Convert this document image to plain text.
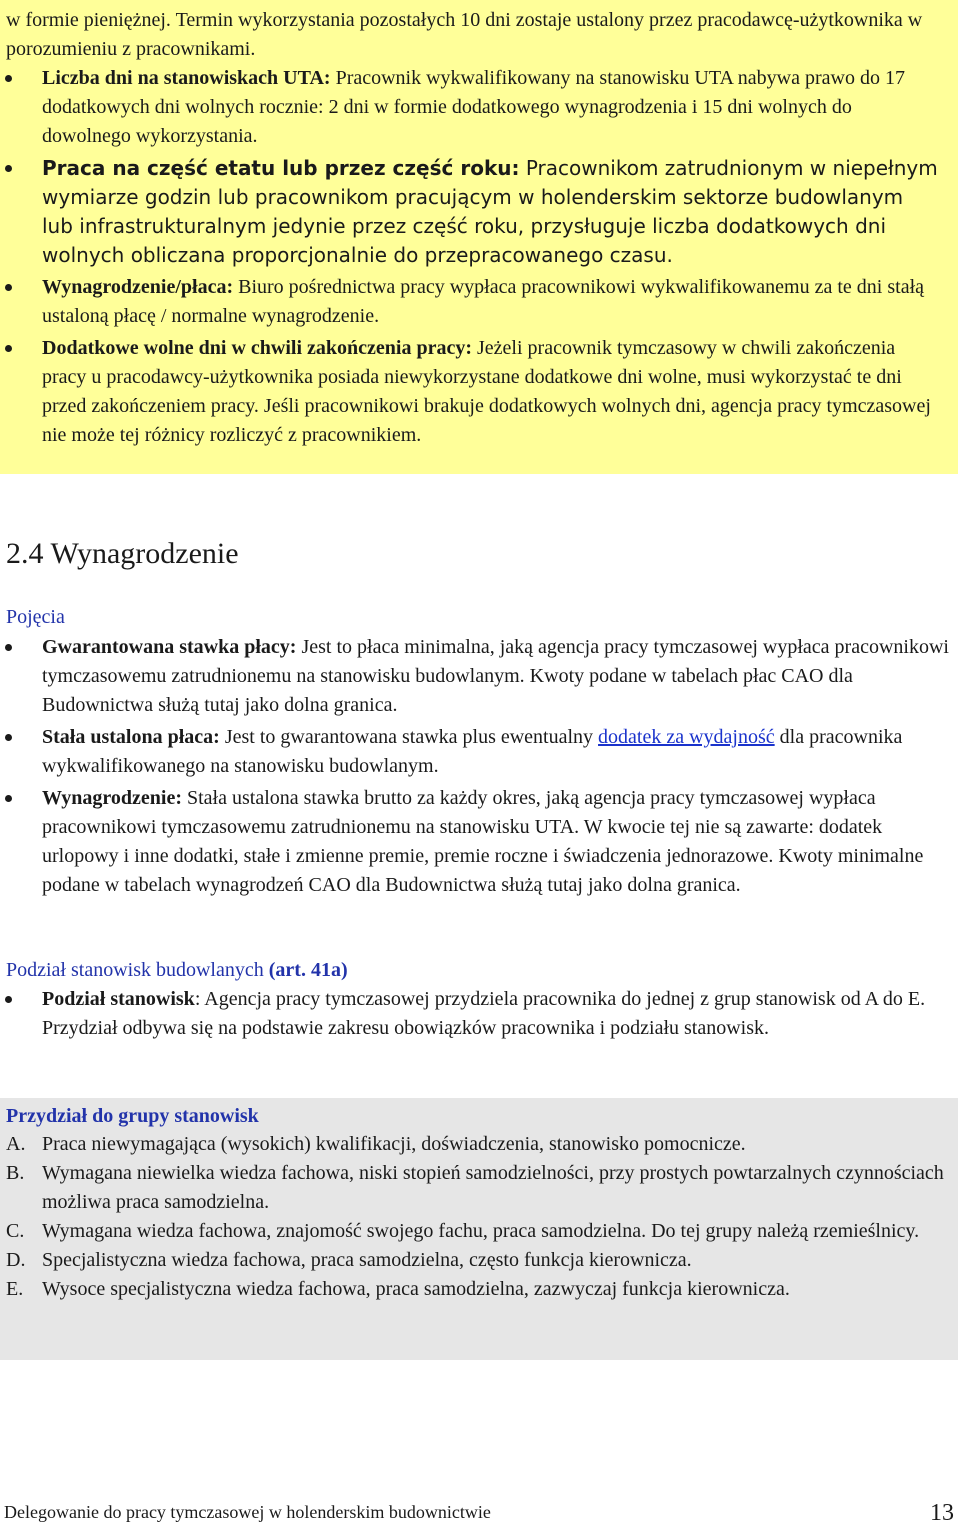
w formie pieniężnej. Termin wykorzystania pozostałych 10 dni zostaje ustalony przez pracodawcę-użytkownika w porozumieniu z pracownikami.
Liczba dni na stanowiskach UTA: Pracownik wykwalifikowany na stanowisku UTA nabywa prawo do 17 dodatkowych dni wolnych rocznie: 2 dni w formie dodatkowego wynagrodzenia i 15 dni wolnych do dowolnego wykorzystania.
Praca na część etatu lub przez część roku: Pracownikom zatrudnionym w niepełnym wymiarze godzin lub pracownikom pracującym w holenderskim sektorze budowlanym lub infrastrukturalnym jedynie przez część roku, przysługuje liczba dodatkowych dni wolnych obliczana proporcjonalnie do przepracowanego czasu.
Wynagrodzenie/płaca: Biuro pośrednictwa pracy wypłaca pracownikowi wykwalifikowanemu za te dni stałą ustaloną płacę / normalne wynagrodzenie.
Dodatkowe wolne dni w chwili zakończenia pracy: Jeżeli pracownik tymczasowy w chwili zakończenia pracy u pracodawcy-użytkownika posiada niewykorzystane dodatkowe dni wolne, musi wykorzystać te dni przed zakończeniem pracy. Jeśli pracownikowi brakuje dodatkowych wolnych dni, agencja pracy tymczasowej nie może tej różnicy rozliczyć z pracownikiem.
2.4 Wynagrodzenie
Pojęcia
Gwarantowana stawka płacy: Jest to płaca minimalna, jaką agencja pracy tymczasowej wypłaca pracownikowi tymczasowemu zatrudnionemu na stanowisku budowlanym. Kwoty podane w tabelach płac CAO dla Budownictwa służą tutaj jako dolna granica.
Stała ustalona płaca: Jest to gwarantowana stawka plus ewentualny dodatek za wydajność dla pracownika wykwalifikowanego na stanowisku budowlanym.
Wynagrodzenie: Stała ustalona stawka brutto za każdy okres, jaką agencja pracy tymczasowej wypłaca pracownikowi tymczasowemu zatrudnionemu na stanowisku UTA. W kwocie tej nie są zawarte: dodatek urlopowy i inne dodatki, stałe i zmienne premie, premie roczne i świadczenia jednorazowe. Kwoty minimalne podane w tabelach wynagrodzeń CAO dla Budownictwa służą tutaj jako dolna granica.
Podział stanowisk budowlanych (art. 41a)
Podział stanowisk: Agencja pracy tymczasowej przydziela pracownika do jednej z grup stanowisk od A do E. Przydział odbywa się na podstawie zakresu obowiązków pracownika i podziału stanowisk.
Przydział do grupy stanowisk
A. Praca niewymagająca (wysokich) kwalifikacji, doświadczenia, stanowisko pomocnicze.
B. Wymagana niewielka wiedza fachowa, niski stopień samodzielności, przy prostych powtarzalnych czynnościach możliwa praca samodzielna.
C. Wymagana wiedza fachowa, znajomość swojego fachu, praca samodzielna. Do tej grupy należą rzemieślnicy.
D. Specjalistyczna wiedza fachowa, praca samodzielna, często funkcja kierownicza.
E. Wysoce specjalistyczna wiedza fachowa, praca samodzielna, zazwyczaj funkcja kierownicza.
Delegowanie do pracy tymczasowej w holenderskim budownictwie	13
